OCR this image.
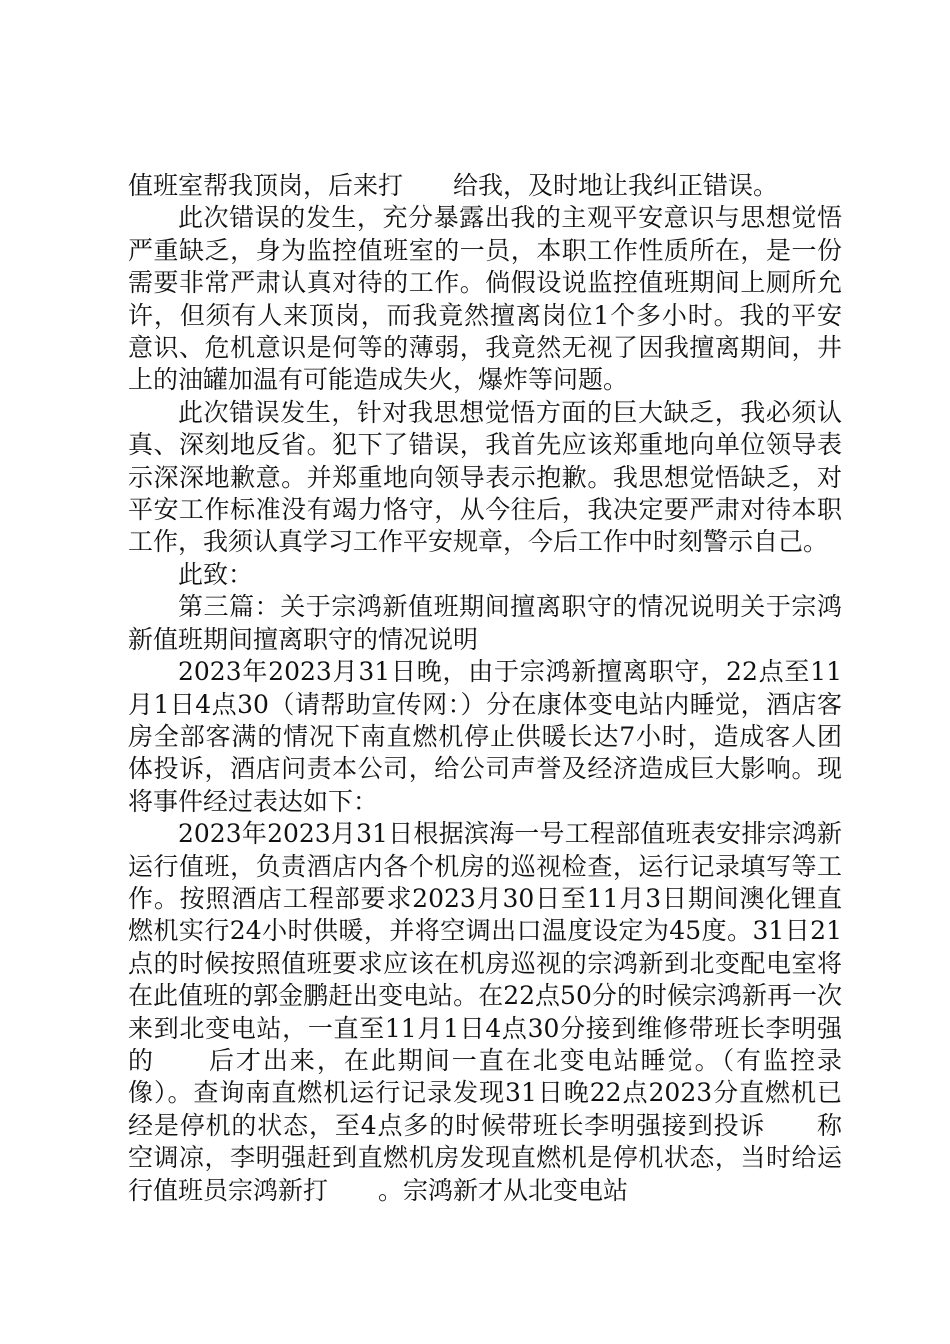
值班室帮我顶岗，后来打　　给我，及时地让我纠正错误。

此次错误的发生，充分暴露出我的主观平安意识与思想觉悟严重缺乏，身为监控值班室的一员，本职工作性质所在，是一份需要非常严肃认真对待的工作。倘假设说监控值班期间上厕所允许，但须有人来顶岗，而我竟然擅离岗位1个多小时。我的平安意识、危机意识是何等的薄弱，我竟然无视了因我擅离期间，井上的油罐加温有可能造成失火，爆炸等问题。

此次错误发生，针对我思想觉悟方面的巨大缺乏，我必须认真、深刻地反省。犯下了错误，我首先应该郑重地向单位领导表示深深地歉意。并郑重地向领导表示抱歉。我思想觉悟缺乏，对平安工作标准没有竭力恪守，从今往后，我决定要严肃对待本职工作，我须认真学习工作平安规章，今后工作中时刻警示自己。

此致：

第三篇：关于宗鸿新值班期间擅离职守的情况说明关于宗鸿新值班期间擅离职守的情况说明

2023年2023月31日晚，由于宗鸿新擅离职守，22点至11月1日4点30（请帮助宣传网：）分在康体变电站内睡觉，酒店客房全部客满的情况下南直燃机停止供暖长达7小时，造成客人团体投诉，酒店问责本公司，给公司声誉及经济造成巨大影响。现将事件经过表达如下：

2023年2023月31日根据滨海一号工程部值班表安排宗鸿新运行值班，负责酒店内各个机房的巡视检查，运行记录填写等工作。按照酒店工程部要求2023月30日至11月3日期间澳化锂直燃机实行24小时供暖，并将空调出口温度设定为45度。31日21点的时候按照值班要求应该在机房巡视的宗鸿新到北变配电室将在此值班的郭金鹏赶出变电站。在22点50分的时候宗鸿新再一次来到北变电站，一直至11月1日4点30分接到维修带班长李明强的　　后才出来，在此期间一直在北变电站睡觉。（有监控录像）。查询南直燃机运行记录发现31日晚22点2023分直燃机已经是停机的状态，至4点多的时候带班长李明强接到投诉　　称空调凉，李明强赶到直燃机房发现直燃机是停机状态，当时给运行值班员宗鸿新打　　。宗鸿新才从北变电站
